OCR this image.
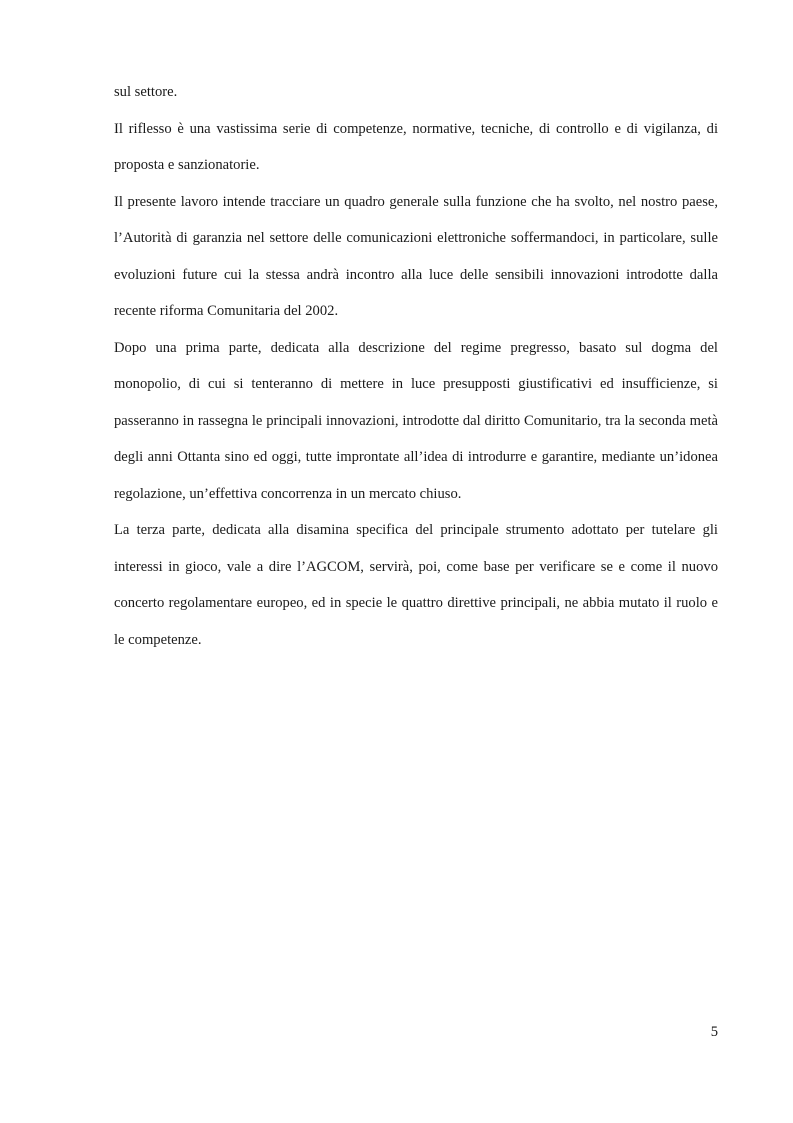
sul settore.

Il riflesso è una vastissima serie di competenze, normative, tecniche, di controllo e di vigilanza, di proposta e sanzionatorie.

Il presente lavoro intende tracciare un quadro generale sulla funzione che ha svolto, nel nostro paese, l’Autorità di garanzia nel settore delle comunicazioni elettroniche soffermandoci, in particolare, sulle evoluzioni future cui la stessa andrà incontro alla luce delle sensibili innovazioni introdotte dalla recente riforma Comunitaria del 2002.

Dopo una prima parte, dedicata alla descrizione del regime pregresso, basato sul dogma del monopolio, di cui si tenteranno di mettere in luce presupposti giustificativi ed insufficienze, si passeranno in rassegna le principali innovazioni, introdotte dal diritto Comunitario, tra la seconda metà degli anni Ottanta sino ed oggi, tutte improntate all’idea di introdurre e garantire, mediante un’idonea regolazione, un’effettiva concorrenza in un mercato chiuso.

La terza parte, dedicata alla disamina specifica del principale strumento adottato per tutelare gli interessi in gioco, vale a dire l’AGCOM, servirà, poi, come base per verificare se e come il nuovo concerto regolamentare europeo, ed in specie le quattro direttive principali, ne abbia mutato il ruolo e le competenze.

5
